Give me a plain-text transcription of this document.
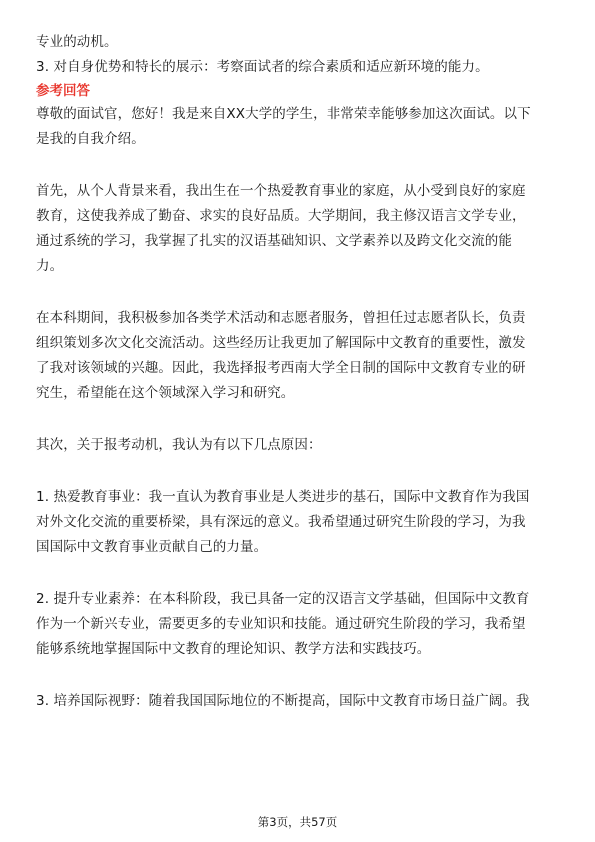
专业的动机。
3. 对自身优势和特长的展示：考察面试者的综合素质和适应新环境的能力。
参考回答
尊敬的面试官，您好！我是来自XX大学的学生，非常荣幸能够参加这次面试。以下
是我的自我介绍。
首先，从个人背景来看，我出生在一个热爱教育事业的家庭，从小受到良好的家庭
教育，这使我养成了勤奋、求实的良好品质。大学期间，我主修汉语言文学专业，
通过系统的学习，我掌握了扎实的汉语基础知识、文学素养以及跨文化交流的能
力。
在本科期间，我积极参加各类学术活动和志愿者服务，曾担任过志愿者队长，负责
组织策划多次文化交流活动。这些经历让我更加了解国际中文教育的重要性，激发
了我对该领域的兴趣。因此，我选择报考西南大学全日制的国际中文教育专业的研
究生，希望能在这个领域深入学习和研究。
其次，关于报考动机，我认为有以下几点原因：
1. 热爱教育事业：我一直认为教育事业是人类进步的基石，国际中文教育作为我国
对外文化交流的重要桥梁，具有深远的意义。我希望通过研究生阶段的学习，为我
国国际中文教育事业贡献自己的力量。
2. 提升专业素养：在本科阶段，我已具备一定的汉语言文学基础，但国际中文教育
作为一个新兴专业，需要更多的专业知识和技能。通过研究生阶段的学习，我希望
能够系统地掌握国际中文教育的理论知识、教学方法和实践技巧。
3. 培养国际视野：随着我国国际地位的不断提高，国际中文教育市场日益广阔。我
第3页，共57页
